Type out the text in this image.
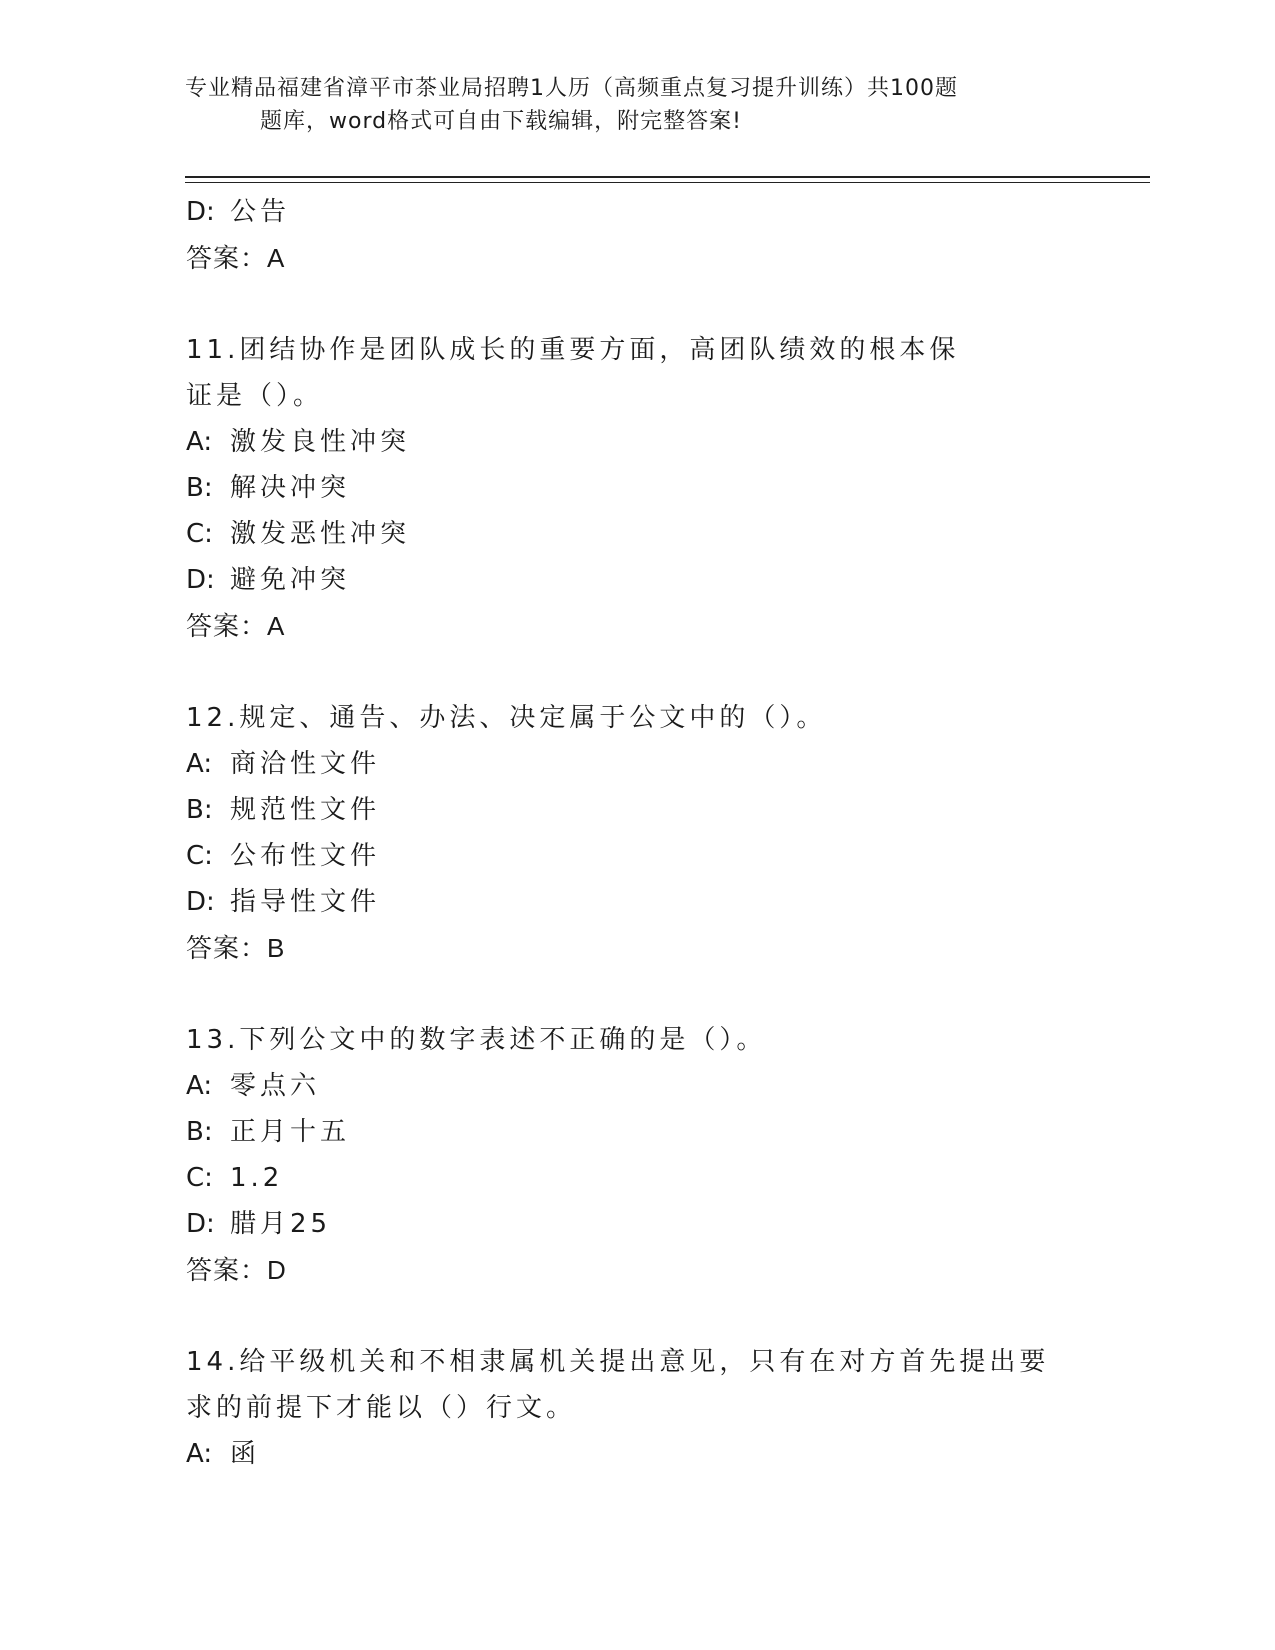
专业精品福建省漳平市茶业局招聘1人历（高频重点复习提升训练）共100题
题库，word格式可自由下载编辑，附完整答案!
D: 公告
答案：A
11.团结协作是团队成长的重要方面，高团队绩效的根本保证是（）。
A: 激发良性冲突
B: 解决冲突
C: 激发恶性冲突
D: 避免冲突
答案：A
12.规定、通告、办法、决定属于公文中的（）。
A: 商洽性文件
B: 规范性文件
C: 公布性文件
D: 指导性文件
答案：B
13.下列公文中的数字表述不正确的是（）。
A: 零点六
B: 正月十五
C: 1.2
D: 腊月25
答案：D
14.给平级机关和不相隶属机关提出意见，只有在对方首先提出要求的前提下才能以（）行文。
A: 函
